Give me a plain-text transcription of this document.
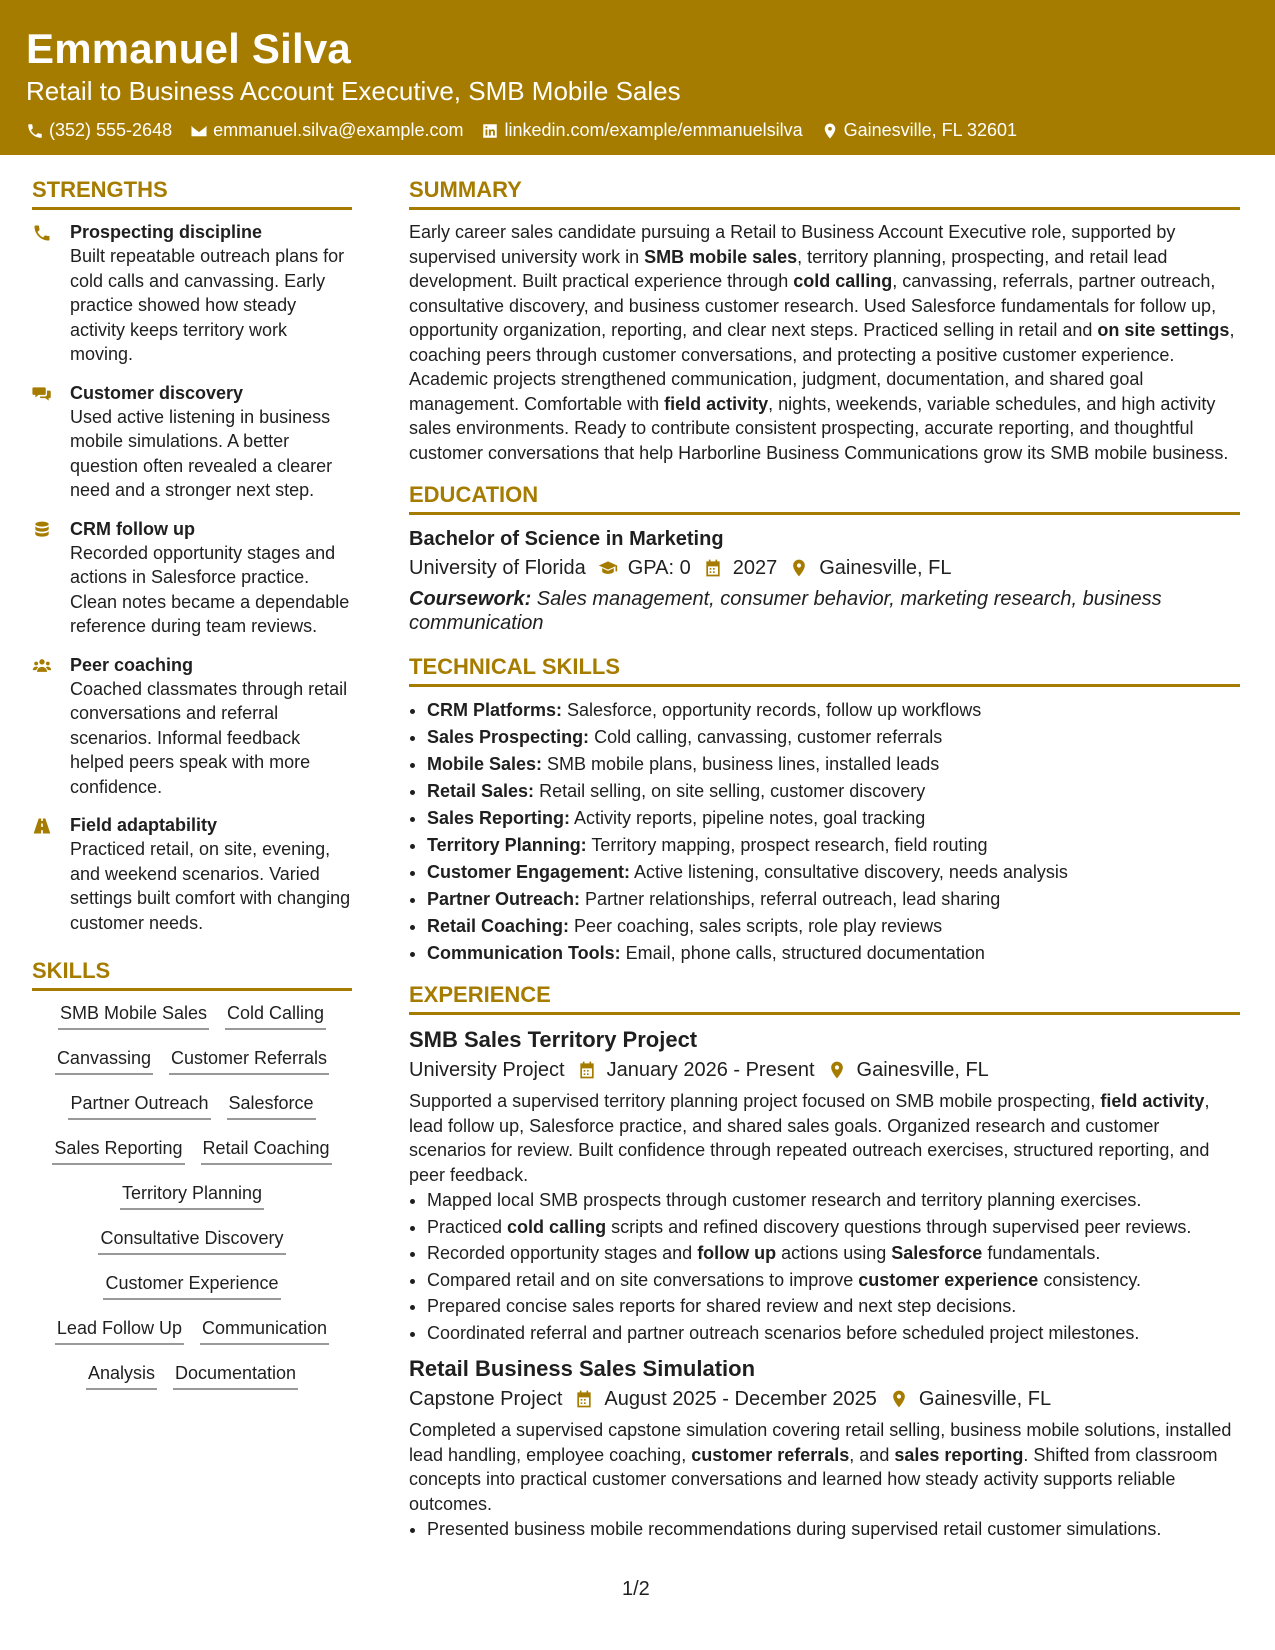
Emmanuel Silva
Retail to Business Account Executive, SMB Mobile Sales
(352) 555-2648 emmanuel.silva@example.com linkedin.com/example/emmanuelsilva Gainesville, FL 32601
STRENGTHS
Prospecting discipline
Built repeatable outreach plans for cold calls and canvassing. Early practice showed how steady activity keeps territory work moving.
Customer discovery
Used active listening in business mobile simulations. A better question often revealed a clearer need and a stronger next step.
CRM follow up
Recorded opportunity stages and actions in Salesforce practice. Clean notes became a dependable reference during team reviews.
Peer coaching
Coached classmates through retail conversations and referral scenarios. Informal feedback helped peers speak with more confidence.
Field adaptability
Practiced retail, on site, evening, and weekend scenarios. Varied settings built comfort with changing customer needs.
SKILLS
SMB Mobile Sales Cold Calling
Canvassing Customer Referrals
Partner Outreach Salesforce
Sales Reporting Retail Coaching
Territory Planning
Consultative Discovery
Customer Experience
Lead Follow Up Communication
Analysis Documentation
SUMMARY

Early career sales candidate pursuing a Retail to Business Account Executive role, supported by supervised university work in SMB mobile sales, territory planning, prospecting, and retail lead development. Built practical experience through cold calling, canvassing, referrals, partner outreach, consultative discovery, and business customer research. Used Salesforce fundamentals for follow up, opportunity organization, reporting, and clear next steps. Practiced selling in retail and on site settings, coaching peers through customer conversations, and protecting a positive customer experience. Academic projects strengthened communication, judgment, documentation, and shared goal management. Comfortable with field activity, nights, weekends, variable schedules, and high activity sales environments. Ready to contribute consistent prospecting, accurate reporting, and thoughtful customer conversations that help Harborline Business Communications grow its SMB mobile business.

EDUCATION
Bachelor of Science in Marketing
University of Florida GPA: 0 2027 Gainesville, FL
Coursework: Sales management, consumer behavior, marketing research, business communication
TECHNICAL SKILLS
• CRM Platforms: Salesforce, opportunity records, follow up workflows
• Sales Prospecting: Cold calling, canvassing, customer referrals
• Mobile Sales: SMB mobile plans, business lines, installed leads
• Retail Sales: Retail selling, on site selling, customer discovery
• Sales Reporting: Activity reports, pipeline notes, goal tracking
• Territory Planning: Territory mapping, prospect research, field routing
• Customer Engagement: Active listening, consultative discovery, needs analysis
• Partner Outreach: Partner relationships, referral outreach, lead sharing
• Retail Coaching: Peer coaching, sales scripts, role play reviews
• Communication Tools: Email, phone calls, structured documentation
EXPERIENCE
SMB Sales Territory Project
University Project January 2026 - Present Gainesville, FL

Supported a supervised territory planning project focused on SMB mobile prospecting, field activity, lead follow up, Salesforce practice, and shared sales goals. Organized research and customer scenarios for review. Built confidence through repeated outreach exercises, structured reporting, and peer feedback.

• Mapped local SMB prospects through customer research and territory planning exercises.
• Practiced cold calling scripts and refined discovery questions through supervised peer reviews.
• Recorded opportunity stages and follow up actions using Salesforce fundamentals.
• Compared retail and on site conversations to improve customer experience consistency.
• Prepared concise sales reports for shared review and next step decisions.
• Coordinated referral and partner outreach scenarios before scheduled project milestones.
Retail Business Sales Simulation
Capstone Project August 2025 - December 2025 Gainesville, FL

Completed a supervised capstone simulation covering retail selling, business mobile solutions, installed lead handling, employee coaching, customer referrals, and sales reporting. Shifted from classroom concepts into practical customer conversations and learned how steady activity supports reliable outcomes.

• Presented business mobile recommendations during supervised retail customer simulations.
1/2
